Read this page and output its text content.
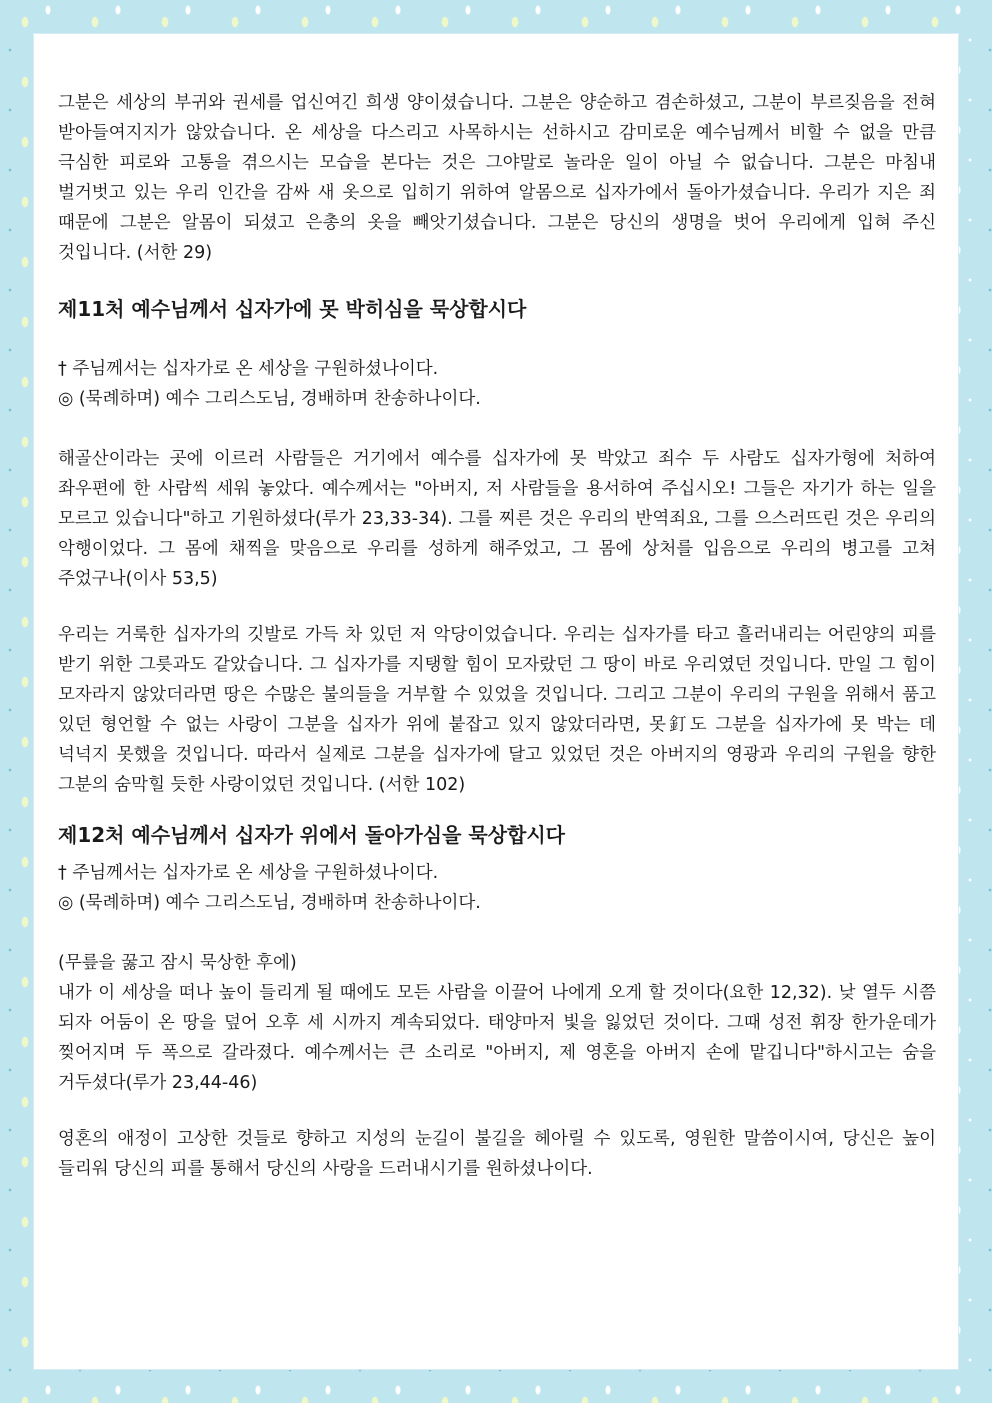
그분은 세상의 부귀와 권세를 업신여긴 희생 양이셨습니다. 그분은 양순하고 겸손하셨고, 그분이 부르짖음을 전혀 받아들여지지가 않았습니다. 온 세상을 다스리고 사목하시는 선하시고 감미로운 예수님께서 비할 수 없을 만큼 극심한 피로와 고통을 겪으시는 모습을 본다는 것은 그야말로 놀라운 일이 아닐 수 없습니다. 그분은 마침내 벌거벗고 있는 우리 인간을 감싸 새 옷으로 입히기 위하여 알몸으로 십자가에서 돌아가셨습니다. 우리가 지은 죄 때문에 그분은 알몸이 되셨고 은총의 옷을 빼앗기셨습니다. 그분은 당신의 생명을 벗어 우리에게 입혀 주신 것입니다. (서한 29)

제11처 예수님께서 십자가에 못 박히심을 묵상합시다
† 주님께서는 십자가로 온 세상을 구원하셨나이다.
◎ (묵례하며) 예수 그리스도님, 경배하며 찬송하나이다.

해골산이라는 곳에 이르러 사람들은 거기에서 예수를 십자가에 못 박았고 죄수 두 사람도 십자가형에 처하여 좌우편에 한 사람씩 세워 놓았다. 예수께서는 "아버지, 저 사람들을 용서하여 주십시오! 그들은 자기가 하는 일을 모르고 있습니다"하고 기원하셨다(루가 23,33-34). 그를 찌른 것은 우리의 반역죄요, 그를 으스러뜨린 것은 우리의 악행이었다. 그 몸에 채찍을 맞음으로 우리를 성하게 해주었고, 그 몸에 상처를 입음으로 우리의 병고를 고쳐 주었구나(이사 53,5)

우리는 거룩한 십자가의 깃발로 가득 차 있던 저 악당이었습니다. 우리는 십자가를 타고 흘러내리는 어린양의 피를 받기 위한 그릇과도 같았습니다. 그 십자가를 지탱할 힘이 모자랐던 그 땅이 바로 우리였던 것입니다. 만일 그 힘이 모자라지 않았더라면 땅은 수많은 불의들을 거부할 수 있었을 것입니다. 그리고 그분이 우리의 구원을 위해서 품고 있던 형언할 수 없는 사랑이 그분을 십자가 위에 붙잡고 있지 않았더라면, 못釘도 그분을 십자가에 못 박는 데 넉넉지 못했을 것입니다. 따라서 실제로 그분을 십자가에 달고 있었던 것은 아버지의 영광과 우리의 구원을 향한 그분의 숨막힐 듯한 사랑이었던 것입니다. (서한 102)

제12처 예수님께서 십자가 위에서 돌아가심을 묵상합시다
† 주님께서는 십자가로 온 세상을 구원하셨나이다.
◎ (묵례하며) 예수 그리스도님, 경배하며 찬송하나이다.
(무릎을 꿇고 잠시 묵상한 후에)

내가 이 세상을 떠나 높이 들리게 될 때에도 모든 사람을 이끌어 나에게 오게 할 것이다(요한 12,32). 낮 열두 시쯤 되자 어둠이 온 땅을 덮어 오후 세 시까지 계속되었다. 태양마저 빛을 잃었던 것이다. 그때 성전 휘장 한가운데가 찢어지며 두 폭으로 갈라졌다. 예수께서는 큰 소리로 "아버지, 제 영혼을 아버지 손에 맡깁니다"하시고는 숨을 거두셨다(루가 23,44-46)

영혼의 애정이 고상한 것들로 향하고 지성의 눈길이 불길을 헤아릴 수 있도록, 영원한 말씀이시여, 당신은 높이 들리워 당신의 피를 통해서 당신의 사랑을 드러내시기를 원하셨나이다.
